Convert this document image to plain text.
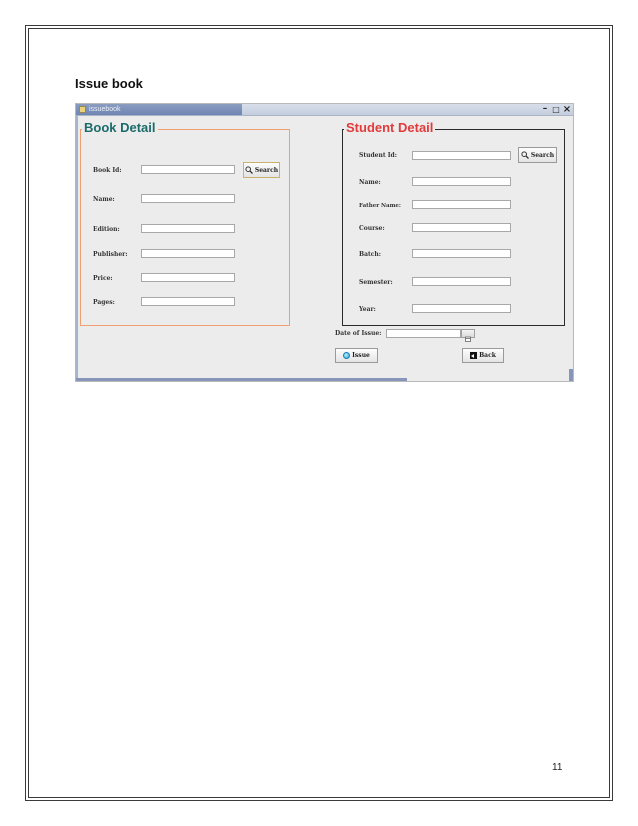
Issue book
issuebook	– □ ×
Book Detail
Book Id:	Search
Name:
Edition:
Publisher:
Price:
Pages:
Student Detail
Student Id:	Search
Name:
Father Name:
Course:
Batch:
Semester:
Year:
Date of Issue:
Issue	Back
11
